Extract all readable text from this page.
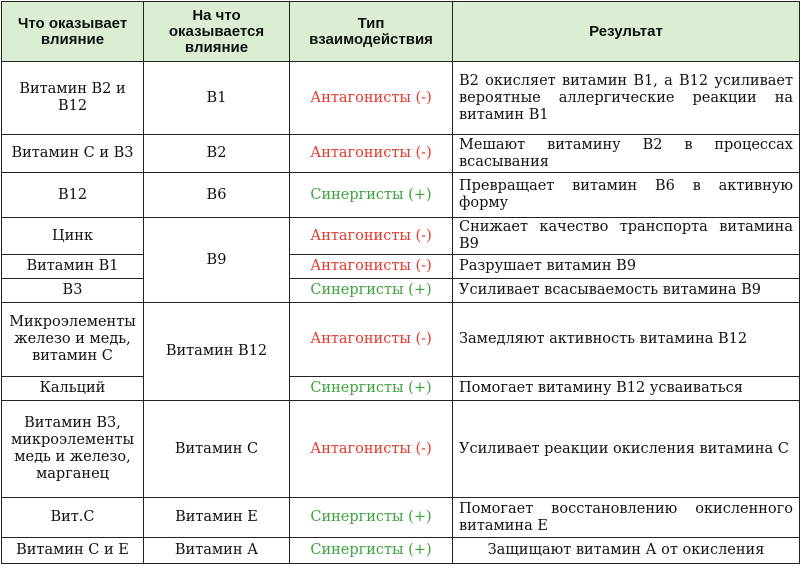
Что оказывает влияние	На что оказывается влияние	Тип взаимодействия	Результат
Витамин В2 и В12	В1	Антагонисты (-)	В2 окисляет витамин В1, а В12 усиливает вероятные аллергические реакции на витамин В1
Витамин С и В3	В2	Антагонисты (-)	Мешают витамину В2 в процессах всасывания
В12	В6	Синергисты (+)	Превращает витамин В6 в активную форму
Цинк	В9	Антагонисты (-)	Снижает качество транспорта витамина В9
Витамин В1		Антагонисты (-)	Разрушает витамин В9
В3		Синергисты (+)	Усиливает всасываемость витамина В9
Микроэлементы железо и медь, витамин С	Витамин В12	Антагонисты (-)	Замедляют активность витамина В12
Кальций		Синергисты (+)	Помогает витамину В12 усваиваться
Витамин В3, микроэлементы медь и железо, марганец	Витамин С	Антагонисты (-)	Усиливает реакции окисления витамина С
Вит.С	Витамин Е	Синергисты (+)	Помогает восстановлению окисленного витамина Е
Витамин С и Е	Витамин А	Синергисты (+)	Защищают витамин А от окисления
